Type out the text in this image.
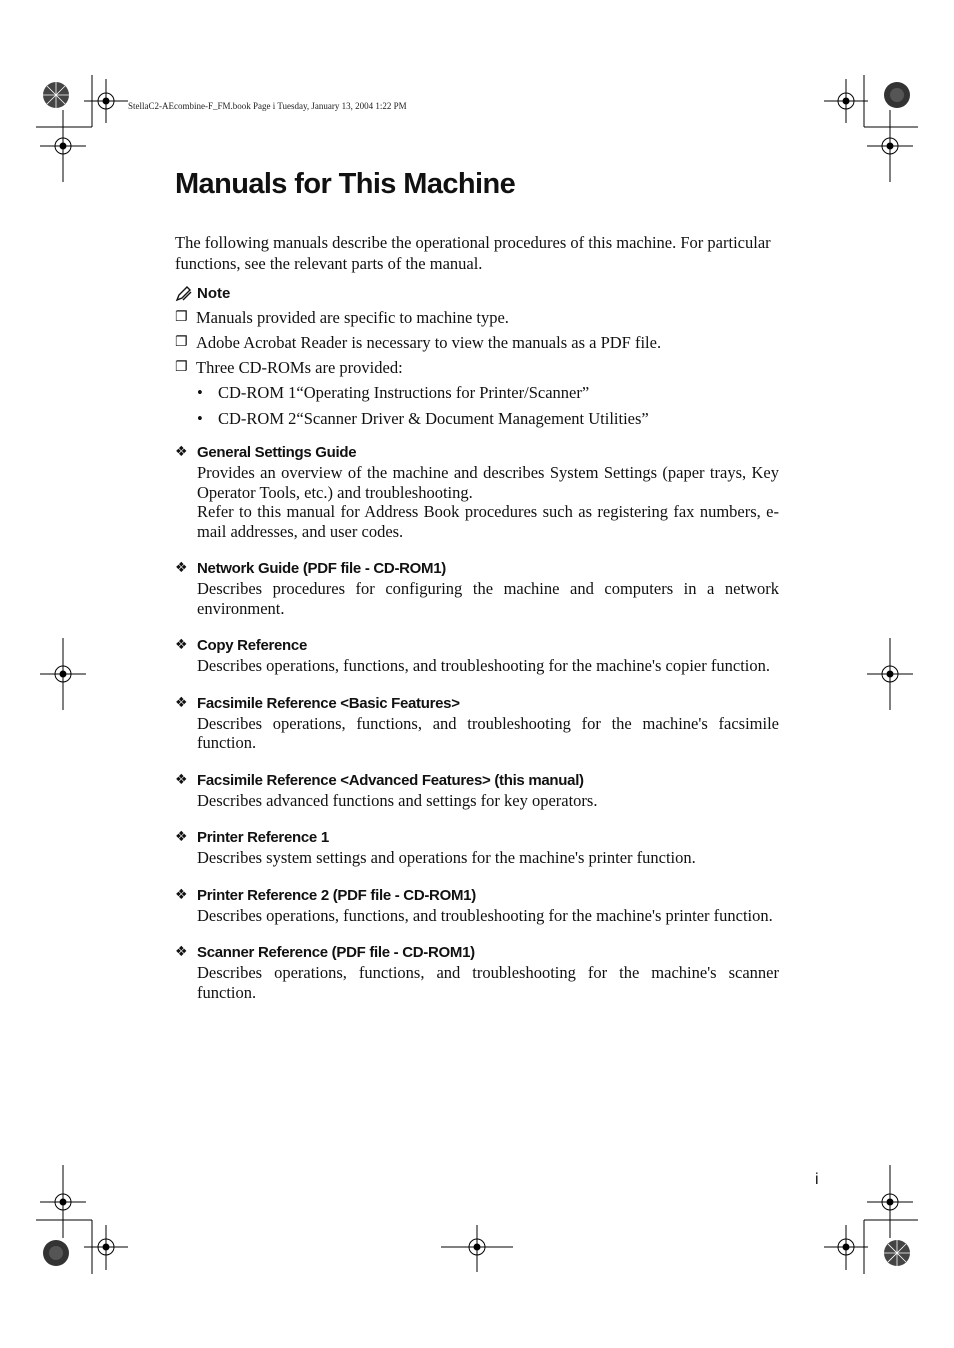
StellaC2-AEcombine-F_FM.book Page i Tuesday, January 13, 2004 1:22 PM
Manuals for This Machine

The following manuals describe the operational procedures of this machine. For particular functions, see the relevant parts of the manual.

Note
❐ Manuals provided are specific to machine type.
❐ Adobe Acrobat Reader is necessary to view the manuals as a PDF file.
❐ Three CD-ROMs are provided:
• CD-ROM 1“Operating Instructions for Printer/Scanner”
• CD-ROM 2“Scanner Driver & Document Management Utilities”
❖ General Settings Guide

Provides an overview of the machine and describes System Settings (paper trays, Key Operator Tools, etc.) and troubleshooting.

Refer to this manual for Address Book procedures such as registering fax numbers, e-mail addresses, and user codes.

❖ Network Guide (PDF file - CD-ROM1)

Describes procedures for configuring the machine and computers in a network environment.

❖ Copy Reference

Describes operations, functions, and troubleshooting for the machine's copier function.

❖ Facsimile Reference <Basic Features>

Describes operations, functions, and troubleshooting for the machine's facsimile function.

❖ Facsimile Reference <Advanced Features> (this manual)

Describes advanced functions and settings for key operators.

❖ Printer Reference 1

Describes system settings and operations for the machine's printer function.

❖ Printer Reference 2 (PDF file - CD-ROM1)

Describes operations, functions, and troubleshooting for the machine's printer function.

❖ Scanner Reference (PDF file - CD-ROM1)

Describes operations, functions, and troubleshooting for the machine's scanner function.

i
